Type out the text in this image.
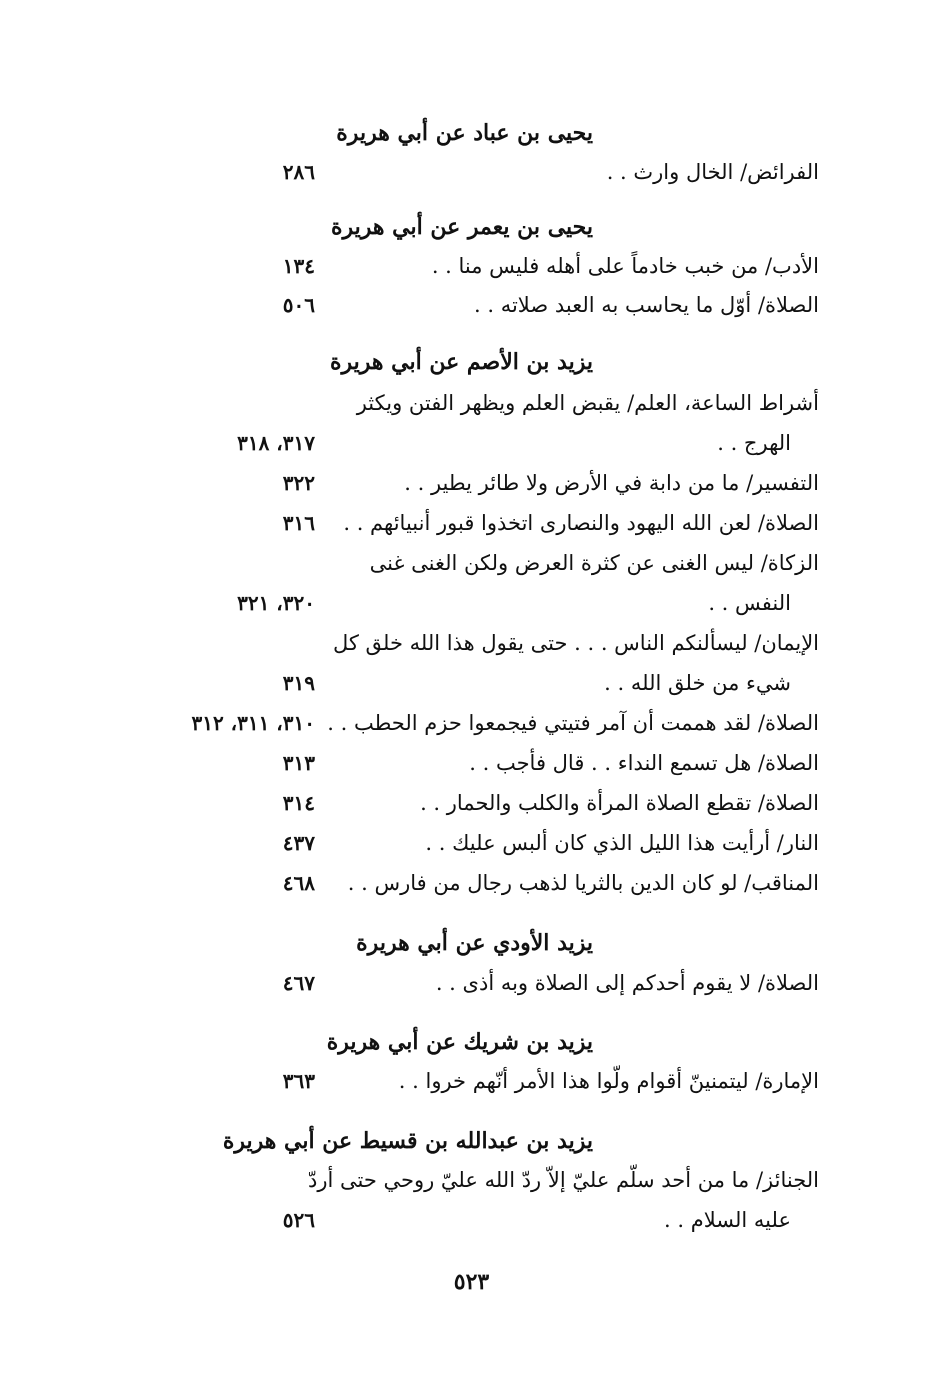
يحيى بن عباد عن أبي هريرة
الفرائض/ الخال وارث . .
٢٨٦
يحيى بن يعمر عن أبي هريرة
الأدب/ من خبب خادماً على أهله فليس منا . .
١٣٤
الصلاة/ أوّل ما يحاسب به العبد صلاته . .
٥٠٦
يزيد بن الأصم عن أبي هريرة
أشراط الساعة، العلم/ يقبض العلم ويظهر الفتن ويكثر
الهرج . .
٣١٧، ٣١٨
التفسير/ ما من دابة في الأرض ولا طائر يطير . .
٣٢٢
الصلاة/ لعن الله اليهود والنصارى اتخذوا قبور أنبيائهم . .
٣١٦
الزكاة/ ليس الغنى عن كثرة العرض ولكن الغنى غنى
النفس . .
٣٢٠، ٣٢١
الإيمان/ ليسألنكم الناس . . . حتى يقول هذا الله خلق كل
شيء من خلق الله . .
٣١٩
الصلاة/ لقد هممت أن آمر فتيتي فيجمعوا حزم الحطب . .
٣١٠، ٣١١، ٣١٢
الصلاة/ هل تسمع النداء . . قال فأجب . .
٣١٣
الصلاة/ تقطع الصلاة المرأة والكلب والحمار . .
٣١٤
النار/ أرأيت هذا الليل الذي كان ألبس عليك . .
٤٣٧
المناقب/ لو كان الدين بالثريا لذهب رجال من فارس . .
٤٦٨
يزيد الأودي عن أبي هريرة
الصلاة/ لا يقوم أحدكم إلى الصلاة وبه أذى . .
٤٦٧
يزيد بن شريك عن أبي هريرة
الإمارة/ ليتمنينّ أقوام ولّوا هذا الأمر أنّهم خروا . .
٣٦٣
يزيد بن عبدالله بن قسيط عن أبي هريرة
الجنائز/ ما من أحد سلّم عليّ إلاّ ردّ الله عليّ روحي حتى أردّ
عليه السلام . .
٥٢٦
٥٢٣
